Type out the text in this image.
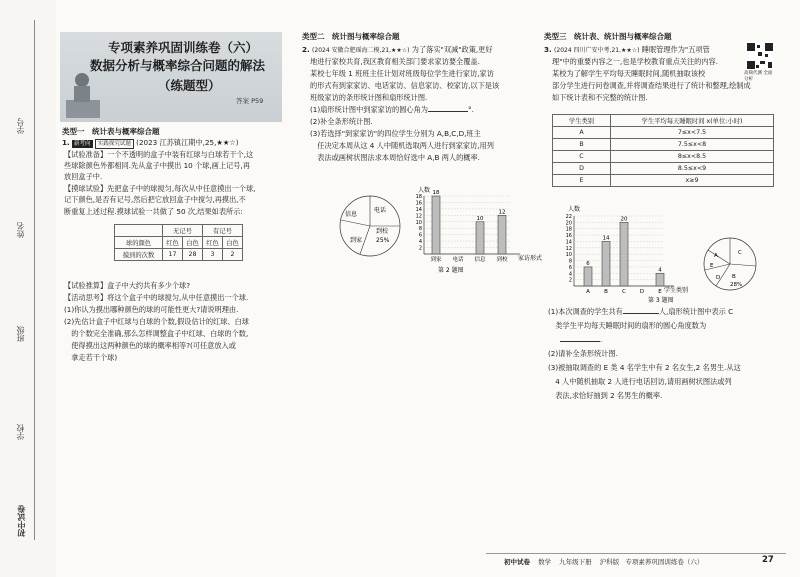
学号
姓名
班级
学校
初中试卷
专项素养巩固训练卷（六）
数据分析与概率综合问题的解法
（练题型）
答案 P59
类型一　统计表与概率综合题
1. 新考向 实践探究试题 (2023 江苏镇江期中,25,★★☆)
【试验准备】一个不透明的盒子中装有红球与白球若干个,这
些球除颜色外都相同.先从盒子中摸出 10 个球,画上记号,再
放回盒子中.
【摸球试验】先把盒子中的球搅匀,每次从中任意摸出一个球,
记下颜色,是否有记号,然后把它放回盒子中搅匀,再摸出,不
断重复上述过程.摸球试验一共做了 50 次,结果如表所示:
	无记号		有记号	
球的颜色	红色	白色	红色	白色
摸到的次数	17	28	3	2
【试验推算】盒子中大约共有多少个球?
【活动思考】将这个盒子中的球搅匀,从中任意摸出一个球.
(1)你认为摸出哪种颜色的球的可能性更大?请说明理由.
(2)先估计盒子中红球与白球的个数,假设估计的红球、白球
　的个数完全准确,那么怎样调整盒子中红球、白球的个数,
　使得摸出这两种颜色的球的概率相等?(可任意放入或
　拿走若干个球)
类型二　统计图与概率综合题
2. (2024 安徽合肥瑶海二模,21,★★☆) 为了落实"双减"政策,更好
地进行家校共育,我区教育相关部门要求家访要全覆盖.
某校七年级 1 班班主任计划对班级每位学生进行家访,家访
的形式有到家家访、电话家访、信息家访、校家访,以下是该
班级家访的条形统计图和扇形统计图.
(1)扇形统计图中到家家访的圆心角为	°.
(2)补全条形统计图.
(3)若选择"到家家访"的四位学生分别为 A,B,C,D,班主
　任决定本周从这 4 人中随机选取两人进行到家家访,用列
　表法或画树状图法求本周恰好选中 A,B 两人的概率.
信息
电话
到校
25%
到家
人数
家访形式
第 2 题图
2
4
6
8
10
12
14
16
18
18
到家 电话
10
信息
12
到校
类型三　统计表、统计图与概率综合题
高频代测 全面分析
3. (2024 四川广安中考,21,★★☆) 睡眠管理作为"五项管
理"中的重要内容之一,也是学校教育重点关注的内容.
某校为了解学生平均每天睡眠时间,随机抽取该校
部分学生进行问卷调查,并将调查结果进行了统计和整理,绘制成
如下统计表和不完整的统计图.
学生类别	学生平均每天睡眠时间 x(单位:小时)
A	7≤x<7.5
B	7.5≤x<8
C	8≤x<8.5
D	8.5≤x<9
E	x≥9
人数
学生类别
第 3 题图
2
4
6
8
10
12
14
16
18
20
22
6
A
14
B
20
C	D
4
E
A
E
C
D B
28%
(1)本次调查的学生共有	人,扇形统计图中表示 C
　类学生平均每天睡眠时间的扇形的圆心角度数为
.
(2)请补全条形统计图.
(3)被抽取调查的 E 类 4 名学生中有 2 名女生,2 名男生.从这
　4 人中随机抽取 2 人进行电话回访,请用画树状图法或列
　表法,求恰好抽到 2 名男生的概率.
初中试卷 数学 九年级下册 沪科版 专项素养巩固训练卷（六）	27
